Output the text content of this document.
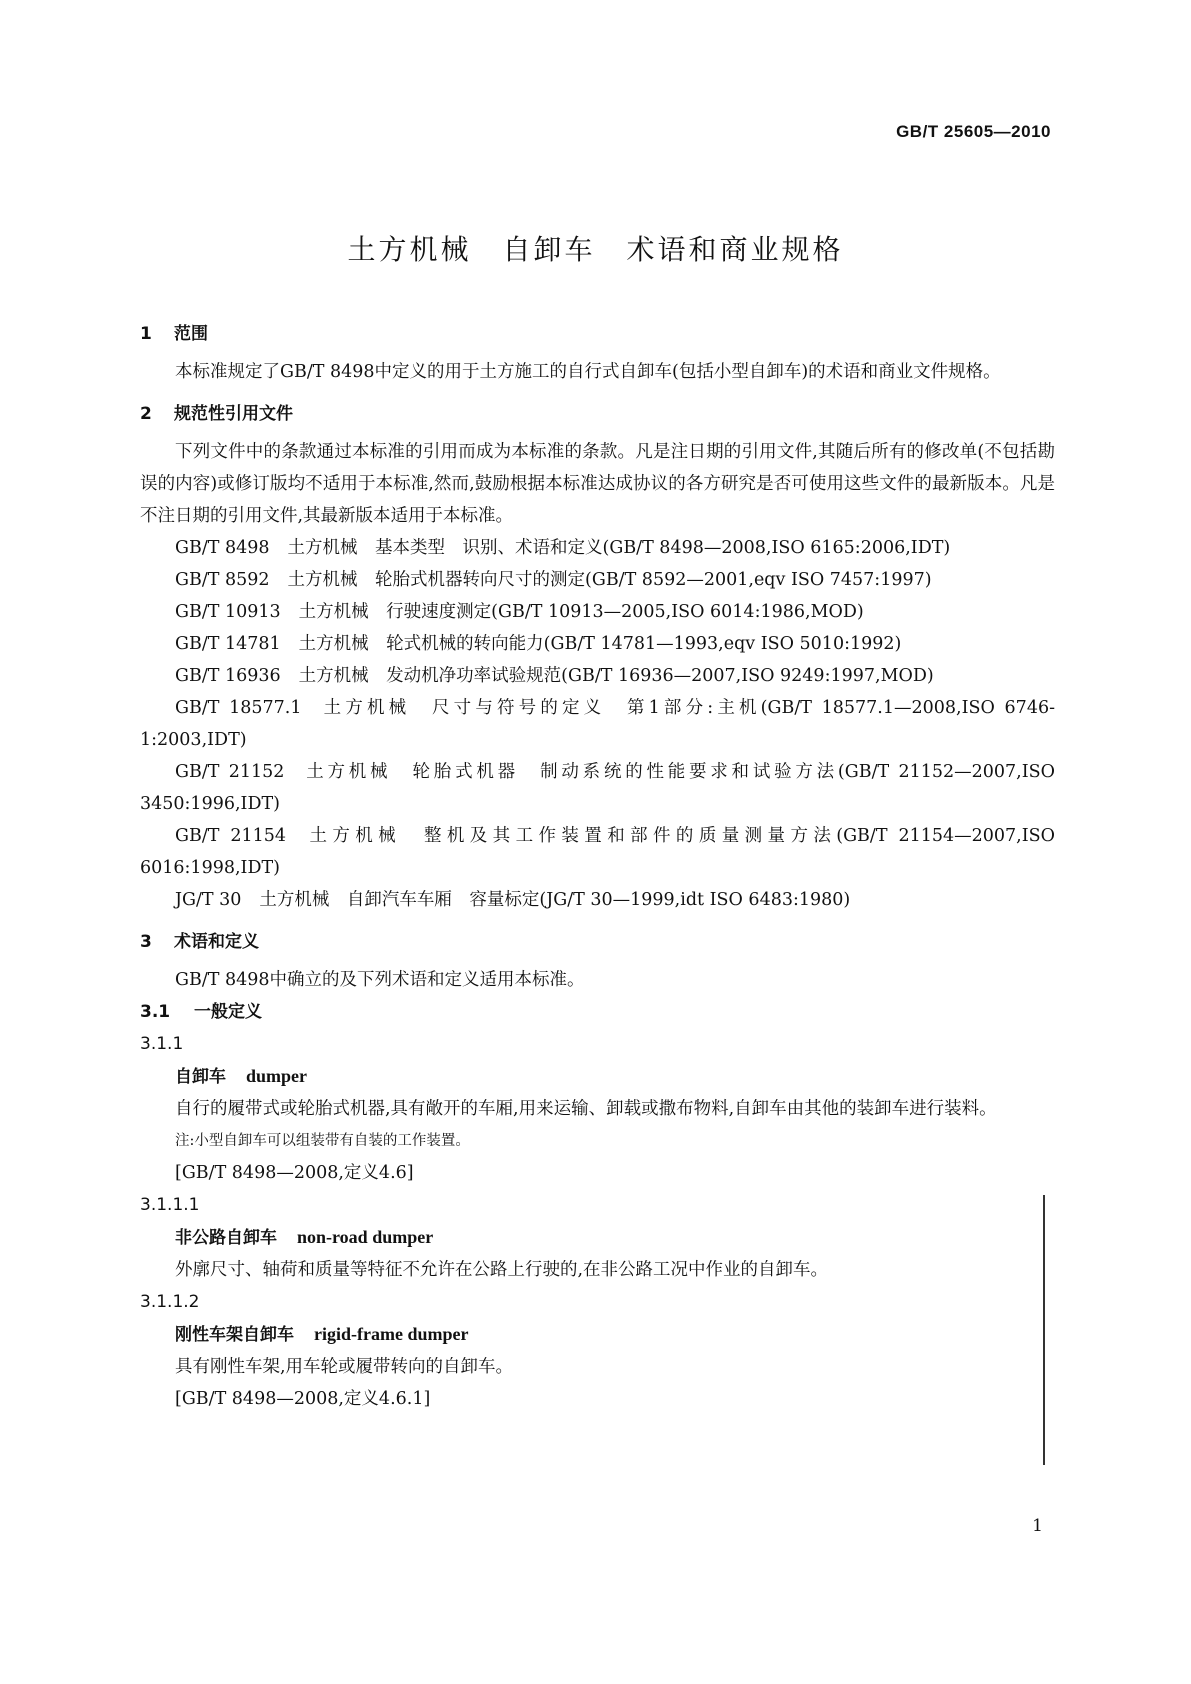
GB/T 25605—2010
土方机械　自卸车　术语和商业规格

1 范围

本标准规定了GB/T 8498中定义的用于土方施工的自行式自卸车(包括小型自卸车)的术语和商业文件规格。

2 规范性引用文件

下列文件中的条款通过本标准的引用而成为本标准的条款。凡是注日期的引用文件,其随后所有的修改单(不包括勘误的内容)或修订版均不适用于本标准,然而,鼓励根据本标准达成协议的各方研究是否可使用这些文件的最新版本。凡是不注日期的引用文件,其最新版本适用于本标准。

GB/T 8498 土方机械　基本类型　识别、术语和定义(GB/T 8498—2008,ISO 6165:2006,IDT)

GB/T 8592 土方机械　轮胎式机器转向尺寸的测定(GB/T 8592—2001,eqv ISO 7457:1997)

GB/T 10913 土方机械　行驶速度测定(GB/T 10913—2005,ISO 6014:1986,MOD)

GB/T 14781 土方机械　轮式机械的转向能力(GB/T 14781—1993,eqv ISO 5010:1992)

GB/T 16936 土方机械　发动机净功率试验规范(GB/T 16936—2007,ISO 9249:1997,MOD)

GB/T 18577.1 土方机械　尺寸与符号的定义　第1部分:主机(GB/T 18577.1—2008,ISO 6746-1:2003,IDT)

GB/T 21152 土方机械　轮胎式机器　制动系统的性能要求和试验方法(GB/T 21152—2007,ISO 3450:1996,IDT)

GB/T 21154 土方机械　整机及其工作装置和部件的质量测量方法(GB/T 21154—2007,ISO 6016:1998,IDT)

JG/T 30 土方机械　自卸汽车车厢　容量标定(JG/T 30—1999,idt ISO 6483:1980)

3 术语和定义

GB/T 8498中确立的及下列术语和定义适用本标准。

3.1 一般定义

3.1.1

自卸车 dumper

自行的履带式或轮胎式机器,具有敞开的车厢,用来运输、卸载或撒布物料,自卸车由其他的装卸车进行装料。

注:小型自卸车可以组装带有自装的工作装置。

[GB/T 8498—2008,定义4.6]

3.1.1.1

非公路自卸车 non-road dumper

外廓尺寸、轴荷和质量等特征不允许在公路上行驶的,在非公路工况中作业的自卸车。

3.1.1.2

刚性车架自卸车 rigid-frame dumper

具有刚性车架,用车轮或履带转向的自卸车。

[GB/T 8498—2008,定义4.6.1]

1
